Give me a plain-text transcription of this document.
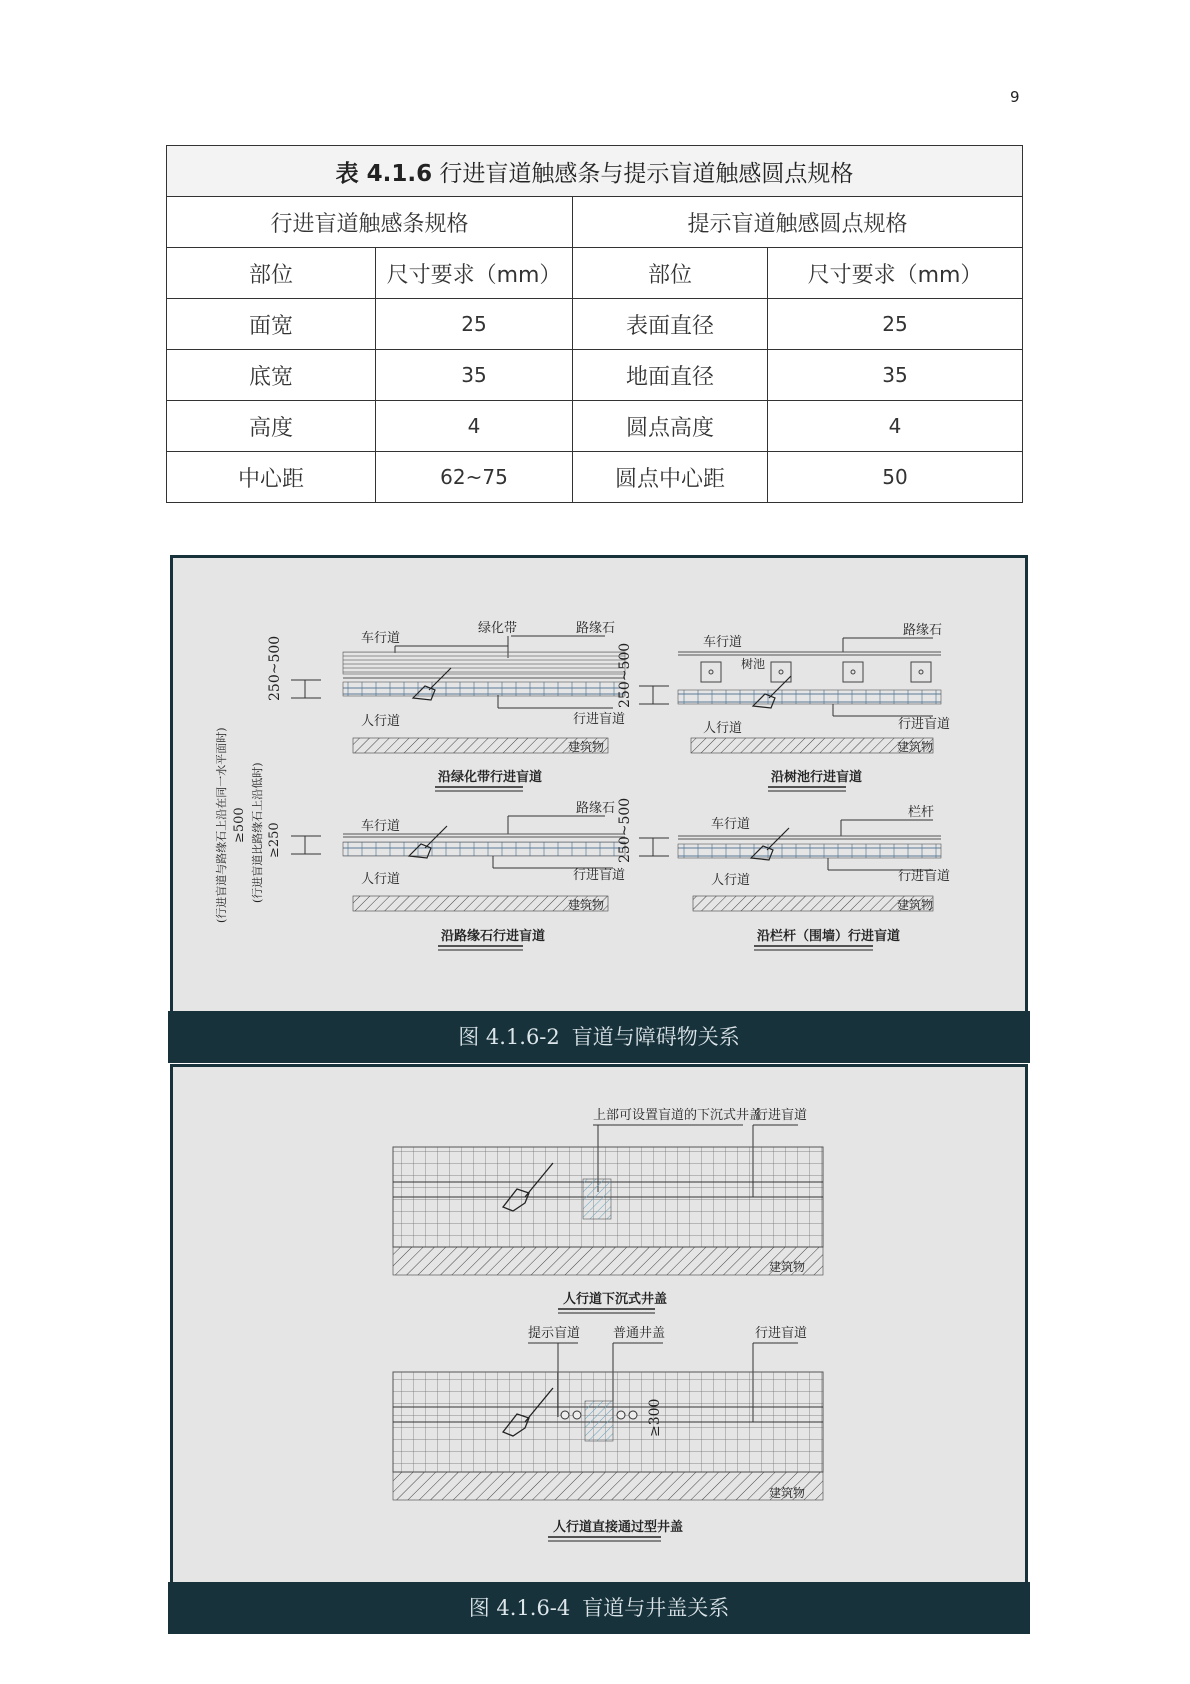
9
表 4.1.6 行进盲道触感条与提示盲道触感圆点规格			
行进盲道触感条规格		提示盲道触感圆点规格	
部位	尺寸要求（mm）	部位	尺寸要求（mm）
面宽	25	表面直径	25
底宽	35	地面直径	35
高度	4	圆点高度	4
中心距	62~75	圆点中心距	50
(行进盲道与路缘石上沿在同一水平面时) ≥500 (行进盲道比路缘石上沿低时) ≥250
250~500	车行道
绿化带	路缘石
人行道	行进盲道
建筑物
沿绿化带行进盲道
250~500
车行道
路缘石
树池
人行道	行进盲道
建筑物
沿树池行进盲道
车行道
路缘石
人行道	行进盲道
建筑物
沿路缘石行进盲道
250~500	车行道
栏杆
人行道	行进盲道
建筑物
沿栏杆（围墙）行进盲道
图 4.1.6-2 盲道与障碍物关系
上部可设置盲道的下沉式井盖
行进盲道
建筑物
人行道下沉式井盖
提示盲道	普通井盖	行进盲道
≥300
建筑物
人行道直接通过型井盖
图 4.1.6-4 盲道与井盖关系
